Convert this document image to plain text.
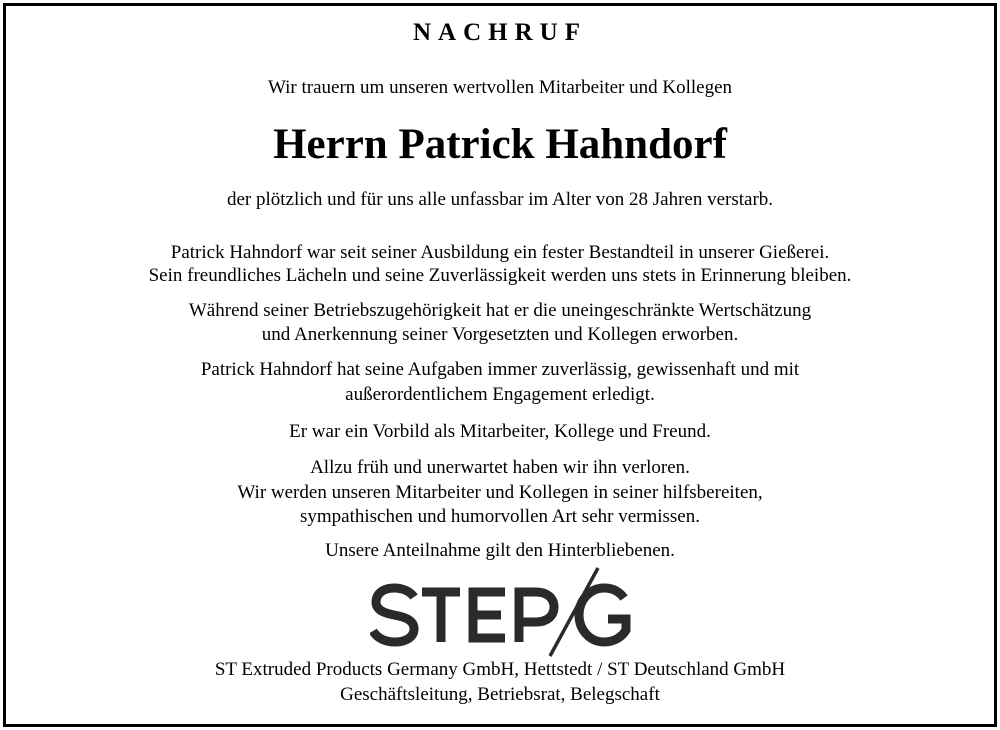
NACHRUF
Wir trauern um unseren wertvollen Mitarbeiter und Kollegen
Herrn Patrick Hahndorf
der plötzlich und für uns alle unfassbar im Alter von 28 Jahren verstarb.
Patrick Hahndorf war seit seiner Ausbildung ein fester Bestandteil in unserer Gießerei.
Sein freundliches Lächeln und seine Zuverlässigkeit werden uns stets in Erinnerung bleiben.
Während seiner Betriebszugehörigkeit hat er die uneingeschränkte Wertschätzung
und Anerkennung seiner Vorgesetzten und Kollegen erworben.
Patrick Hahndorf hat seine Aufgaben immer zuverlässig, gewissenhaft und mit
außerordentlichem Engagement erledigt.
Er war ein Vorbild als Mitarbeiter, Kollege und Freund.
Allzu früh und unerwartet haben wir ihn verloren.
Wir werden unseren Mitarbeiter und Kollegen in seiner hilfsbereiten,
sympathischen und humorvollen Art sehr vermissen.
Unsere Anteilnahme gilt den Hinterbliebenen.
ST Extruded Products Germany GmbH, Hettstedt / ST Deutschland GmbH
Geschäftsleitung, Betriebsrat, Belegschaft
